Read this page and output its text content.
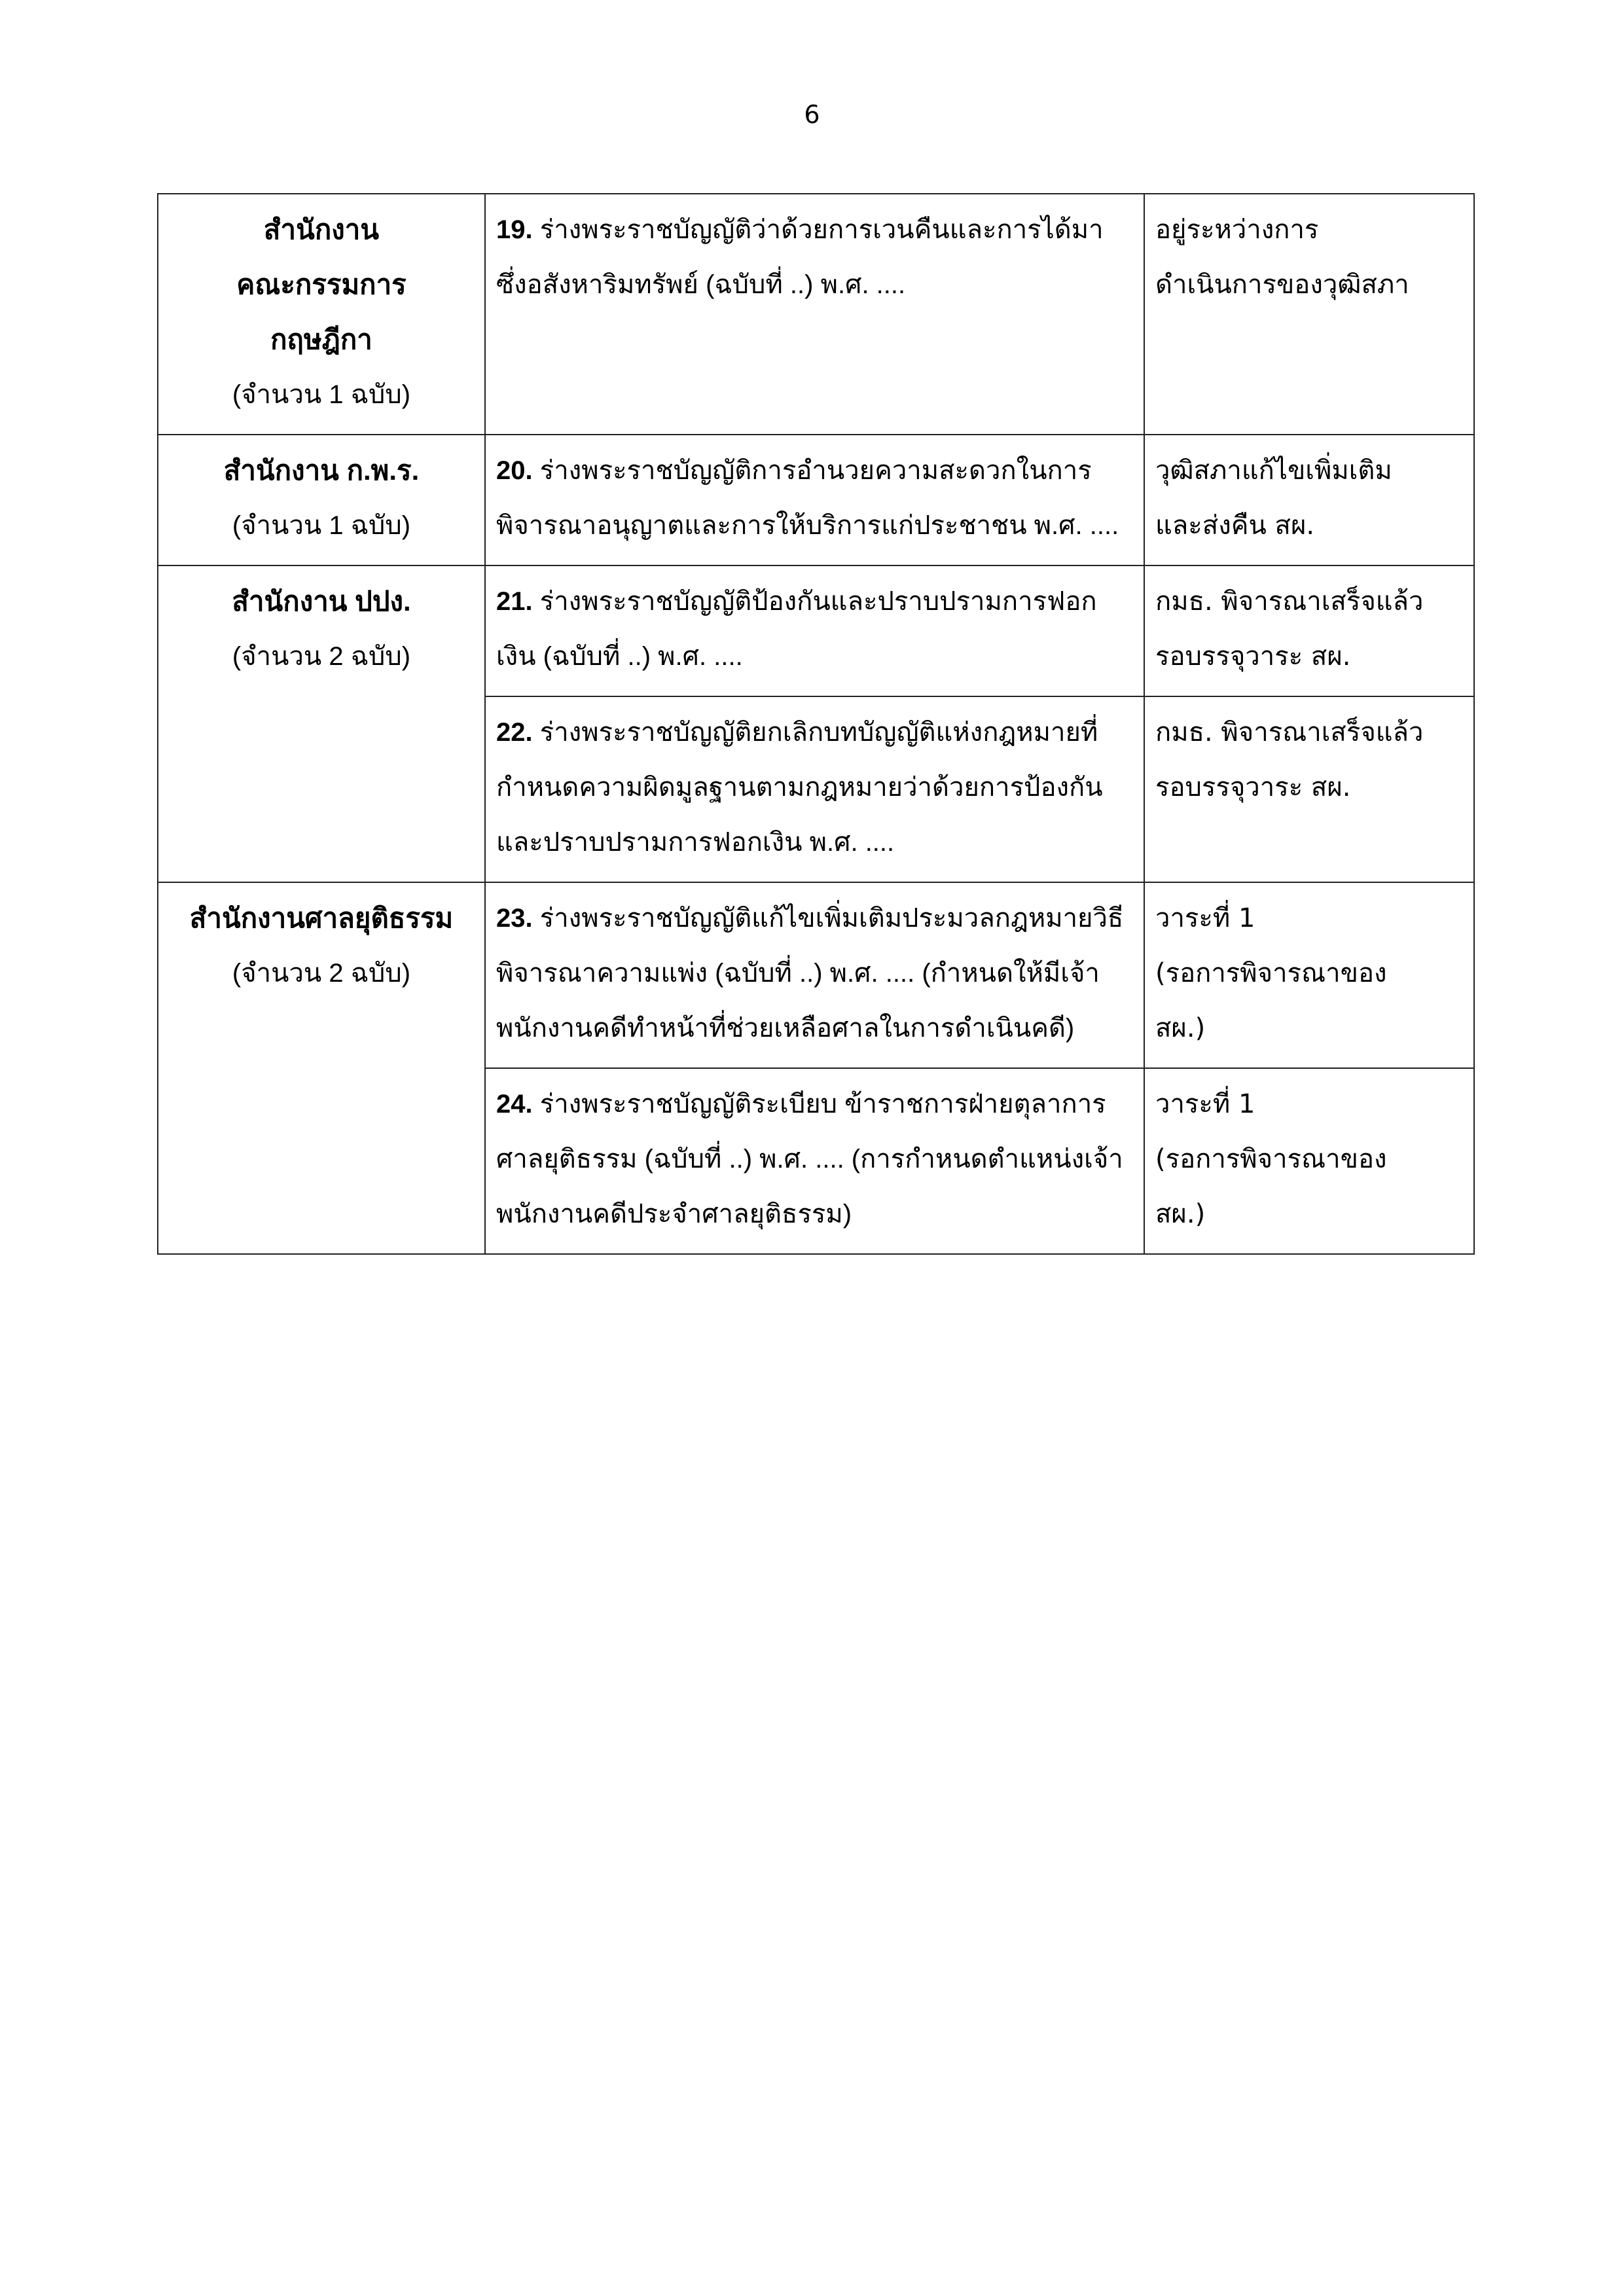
6
สำนักงาน
คณะกรรมการ
กฤษฎีกา
(จำนวน 1 ฉบับ)	19. ร่างพระราชบัญญัติว่าด้วยการเวนคืนและการได้มาซึ่งอสังหาริมทรัพย์ (ฉบับที่ ..) พ.ศ. ....	อยู่ระหว่างการ
ดำเนินการของวุฒิสภา

สำนักงาน ก.พ.ร.
(จำนวน 1 ฉบับ)	20. ร่างพระราชบัญญัติการอำนวยความสะดวกในการพิจารณาอนุญาตและการให้บริการแก่ประชาชน พ.ศ. ....	วุฒิสภาแก้ไขเพิ่มเติม
และส่งคืน สผ.

สำนักงาน ปปง.
(จำนวน 2 ฉบับ)	21. ร่างพระราชบัญญัติป้องกันและปราบปรามการฟอกเงิน (ฉบับที่ ..) พ.ศ. ....	กมธ. พิจารณาเสร็จแล้ว
รอบรรจุวาระ สผ.

	22. ร่างพระราชบัญญัติยกเลิกบทบัญญัติแห่งกฎหมายที่กำหนดความผิดมูลฐานตามกฎหมายว่าด้วยการป้องกันและปราบปรามการฟอกเงิน พ.ศ. ....	กมธ. พิจารณาเสร็จแล้ว
รอบรรจุวาระ สผ.

สำนักงานศาลยุติธรรม
(จำนวน 2 ฉบับ)	23. ร่างพระราชบัญญัติแก้ไขเพิ่มเติมประมวลกฎหมายวิธีพิจารณาความแพ่ง (ฉบับที่ ..) พ.ศ. .... (กำหนดให้มีเจ้าพนักงานคดีทำหน้าที่ช่วยเหลือศาลในการดำเนินคดี)	วาระที่ 1
(รอการพิจารณาของ
สผ.)

	24. ร่างพระราชบัญญัติระเบียบ ข้าราชการฝ่ายตุลาการศาลยุติธรรม (ฉบับที่ ..) พ.ศ. .... (การกำหนดตำแหน่งเจ้าพนักงานคดีประจำศาลยุติธรรม)	วาระที่ 1
(รอการพิจารณาของ
สผ.)
